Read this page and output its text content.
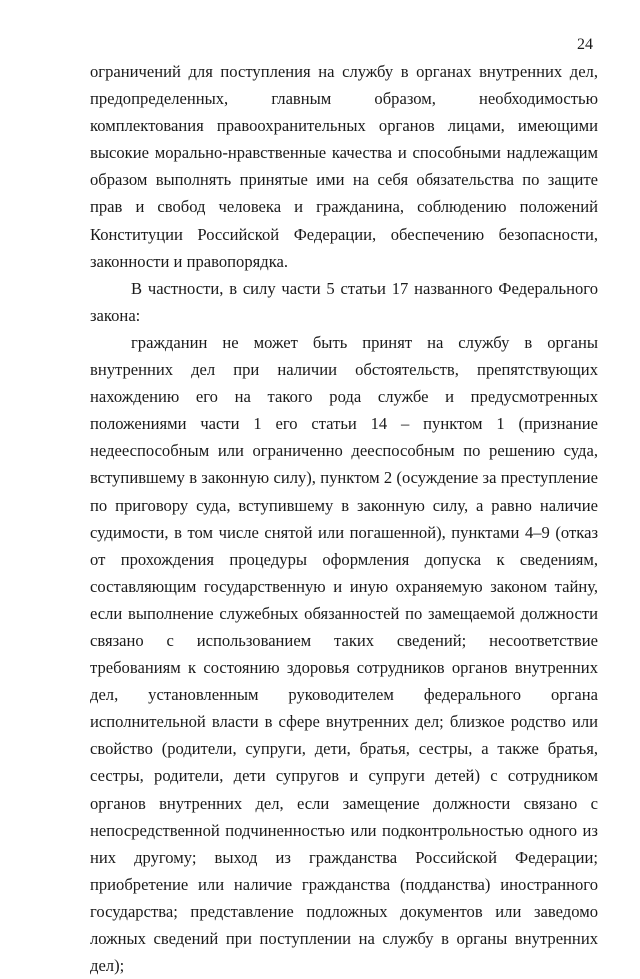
24

ограничений для поступления на службу в органах внутренних дел, предопределенных, главным образом, необходимостью комплектования правоохранительных органов лицами, имеющими высокие морально-нравственные качества и способными надлежащим образом выполнять принятые ими на себя обязательства по защите прав и свобод человека и гражданина, соблюдению положений Конституции Российской Федерации, обеспечению безопасности, законности и правопорядка.

В частности, в силу части 5 статьи 17 названного Федерального закона:

гражданин не может быть принят на службу в органы внутренних дел при наличии обстоятельств, препятствующих нахождению его на такого рода службе и предусмотренных положениями части 1 его статьи 14 – пунктом 1 (признание недееспособным или ограниченно дееспособным по решению суда, вступившему в законную силу), пунктом 2 (осуждение за преступление по приговору суда, вступившему в законную силу, а равно наличие судимости, в том числе снятой или погашенной), пунктами 4–9 (отказ от прохождения процедуры оформления допуска к сведениям, составляющим государственную и иную охраняемую законом тайну, если выполнение служебных обязанностей по замещаемой должности связано с использованием таких сведений; несоответствие требованиям к состоянию здоровья сотрудников органов внутренних дел, установленным руководителем федерального органа исполнительной власти в сфере внутренних дел; близкое родство или свойство (родители, супруги, дети, братья, сестры, а также братья, сестры, родители, дети супругов и супруги детей) с сотрудником органов внутренних дел, если замещение должности связано с непосредственной подчиненностью или подконтрольностью одного из них другому; выход из гражданства Российской Федерации; приобретение или наличие гражданства (подданства) иностранного государства; представление подложных документов или заведомо ложных сведений при поступлении на службу в органы внутренних дел);
